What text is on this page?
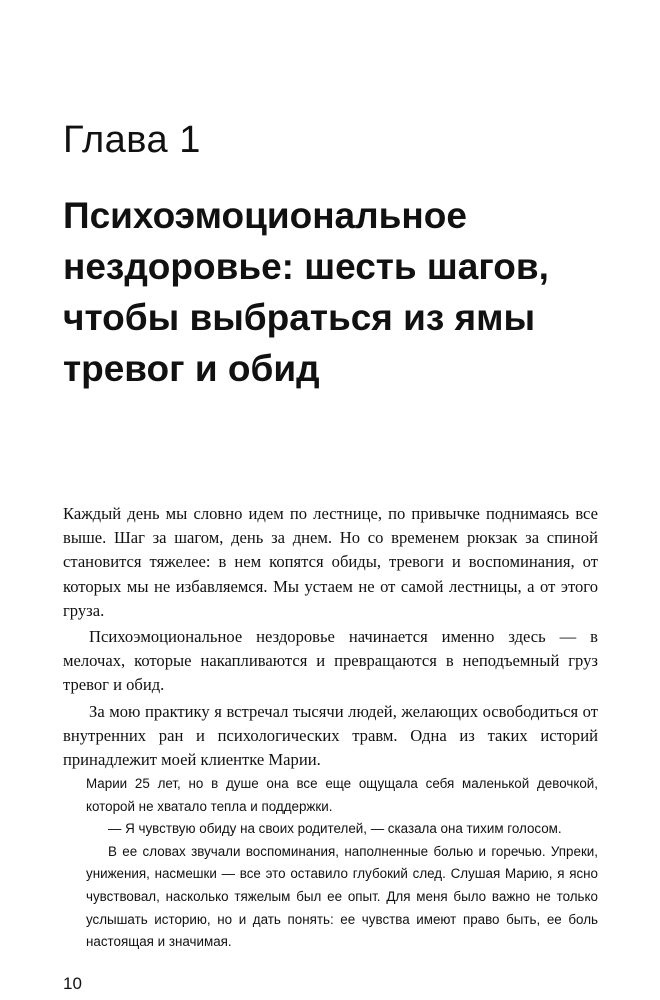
Глава 1
Психоэмоциональное
нездоровье: шесть шагов,
чтобы выбраться из ямы
тревог и обид

Каждый день мы словно идем по лестнице, по привычке поднимаясь все выше. Шаг за шагом, день за днем. Но со временем рюкзак за спиной становится тяжелее: в нем копятся обиды, тревоги и воспоминания, от которых мы не избавляемся. Мы устаем не от самой лестницы, а от этого груза.

Психоэмоциональное нездоровье начинается именно здесь — в мелочах, которые накапливаются и превращаются в неподъемный груз тревог и обид.

За мою практику я встречал тысячи людей, желающих освободиться от внутренних ран и психологических травм. Одна из таких историй принадлежит моей клиентке Марии.

Марии 25 лет, но в душе она все еще ощущала себя маленькой девочкой, которой не хватало тепла и поддержки.

— Я чувствую обиду на своих родителей, — сказала она тихим голосом.

В ее словах звучали воспоминания, наполненные болью и горечью. Упреки, унижения, насмешки — все это оставило глубокий след. Слушая Марию, я ясно чувствовал, насколько тяжелым был ее опыт. Для меня было важно не только услышать историю, но и дать понять: ее чувства имеют право быть, ее боль настоящая и значимая.

10
